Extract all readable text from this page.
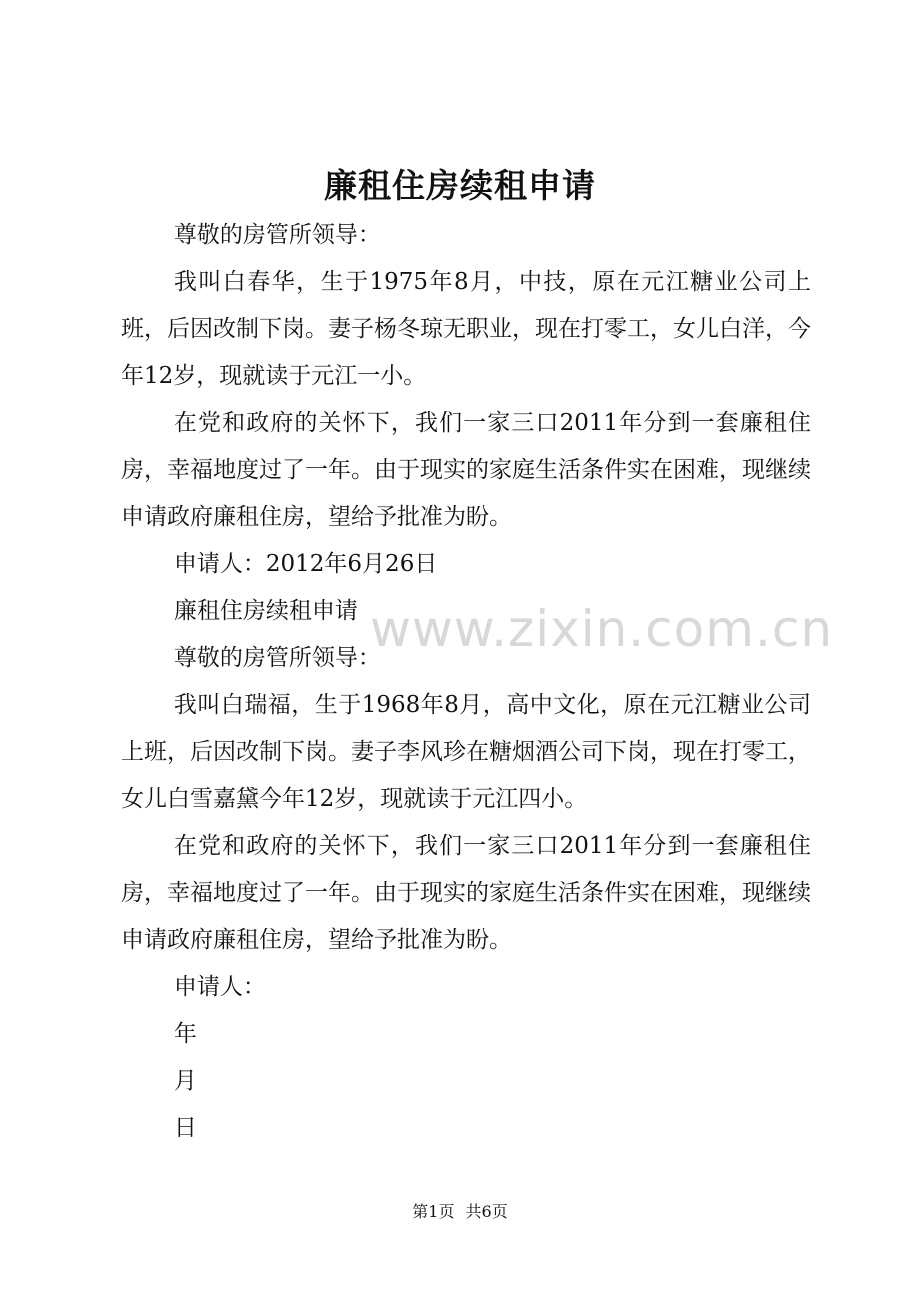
廉租住房续租申请

尊敬的房管所领导：

我叫白春华，生于1975年8月，中技，原在元江糖业公司上班，后因改制下岗。妻子杨冬琼无职业，现在打零工，女儿白洋，今年12岁，现就读于元江一小。

在党和政府的关怀下，我们一家三口2011年分到一套廉租住房，幸福地度过了一年。由于现实的家庭生活条件实在困难，现继续申请政府廉租住房，望给予批准为盼。

申请人：2012年6月26日

廉租住房续租申请

尊敬的房管所领导：

我叫白瑞福，生于1968年8月，高中文化，原在元江糖业公司上班，后因改制下岗。妻子李风珍在糖烟酒公司下岗，现在打零工，女儿白雪嘉黛今年12岁，现就读于元江四小。

在党和政府的关怀下，我们一家三口2011年分到一套廉租住房，幸福地度过了一年。由于现实的家庭生活条件实在困难，现继续申请政府廉租住房，望给予批准为盼。

申请人：

年

月

日

www.zixin.com.cn
第1页 共6页
